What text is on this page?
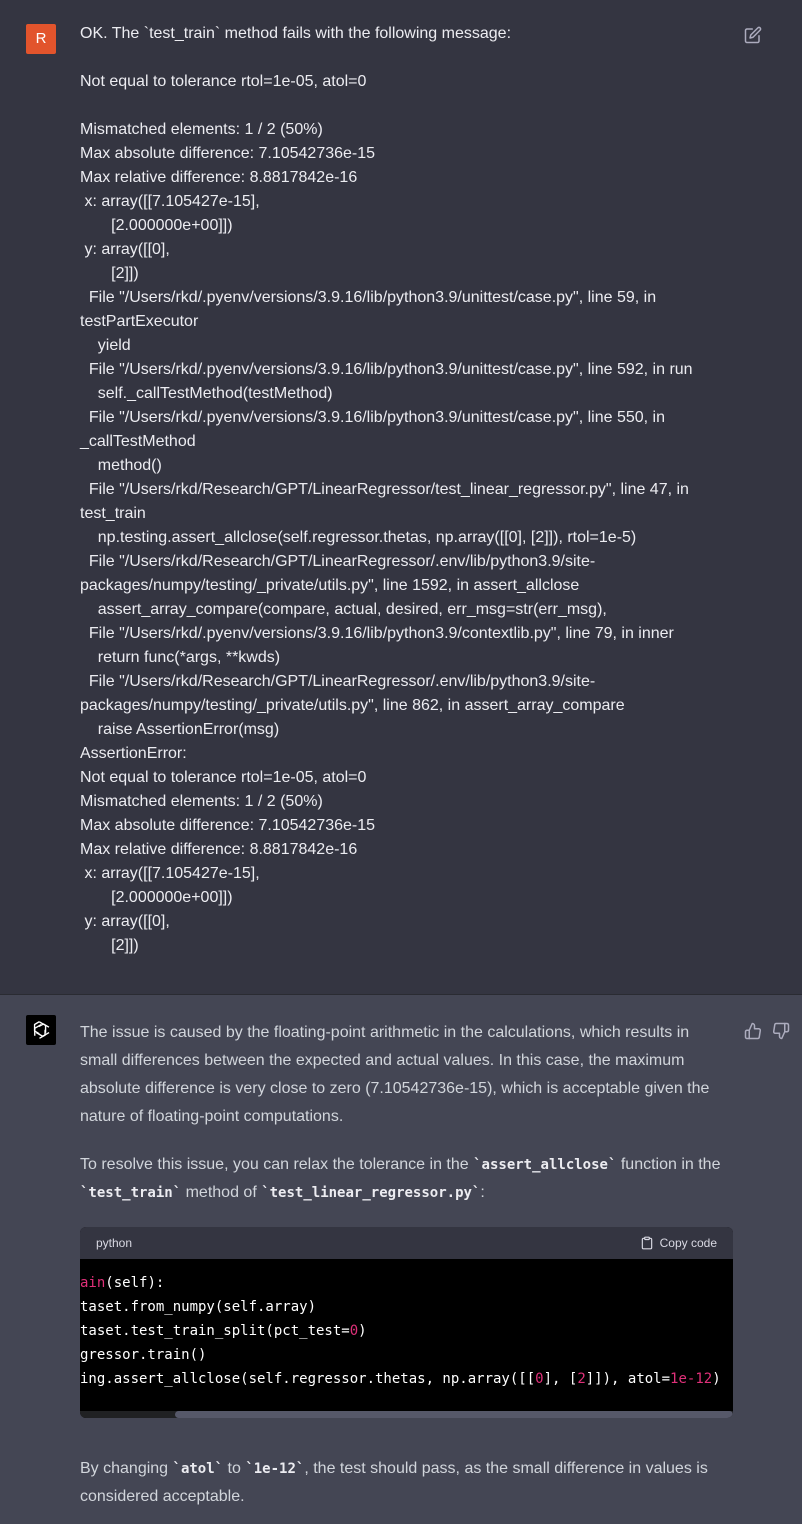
R	OK. The `test_train` method fails with the following message:

Not equal to tolerance rtol=1e-05, atol=0

Mismatched elements: 1 / 2 (50%)
Max absolute difference: 7.10542736e-15
Max relative difference: 8.8817842e-16
x: array([[7.105427e-15],
[2.000000e+00]])
y: array([[0],
[2]])
File "/Users/rkd/.pyenv/versions/3.9.16/lib/python3.9/unittest/case.py", line 59, in
testPartExecutor
yield
File "/Users/rkd/.pyenv/versions/3.9.16/lib/python3.9/unittest/case.py", line 592, in run
self._callTestMethod(testMethod)
File "/Users/rkd/.pyenv/versions/3.9.16/lib/python3.9/unittest/case.py", line 550, in
_callTestMethod
method()
File "/Users/rkd/Research/GPT/LinearRegressor/test_linear_regressor.py", line 47, in
test_train
np.testing.assert_allclose(self.regressor.thetas, np.array([[0], [2]]), rtol=1e-5)
File "/Users/rkd/Research/GPT/LinearRegressor/.env/lib/python3.9/site-
packages/numpy/testing/_private/utils.py", line 1592, in assert_allclose
assert_array_compare(compare, actual, desired, err_msg=str(err_msg),
File "/Users/rkd/.pyenv/versions/3.9.16/lib/python3.9/contextlib.py", line 79, in inner
return func(*args, **kwds)
File "/Users/rkd/Research/GPT/LinearRegressor/.env/lib/python3.9/site-
packages/numpy/testing/_private/utils.py", line 862, in assert_array_compare
raise AssertionError(msg)
AssertionError:
Not equal to tolerance rtol=1e-05, atol=0
Mismatched elements: 1 / 2 (50%)
Max absolute difference: 7.10542736e-15
Max relative difference: 8.8817842e-16
x: array([[7.105427e-15],
[2.000000e+00]])
y: array([[0],
[2]])

The issue is caused by the floating-point arithmetic in the calculations, which results in small differences between the expected and actual values. In this case, the maximum absolute difference is very close to zero (7.10542736e-15), which is acceptable given the nature of floating-point computations.

To resolve this issue, you can relax the tolerance in the `assert_allclose` function in the `test_train` method of `test_linear_regressor.py`:

python	Copy code
ain(self):
taset.from_numpy(self.array)
taset.test_train_split(pct_test=0)
gressor.train()
ing.assert_allclose(self.regressor.thetas, np.array([[0], [2]]), atol=1e-12)

By changing `atol` to `1e-12`, the test should pass, as the small difference in values is considered acceptable.
